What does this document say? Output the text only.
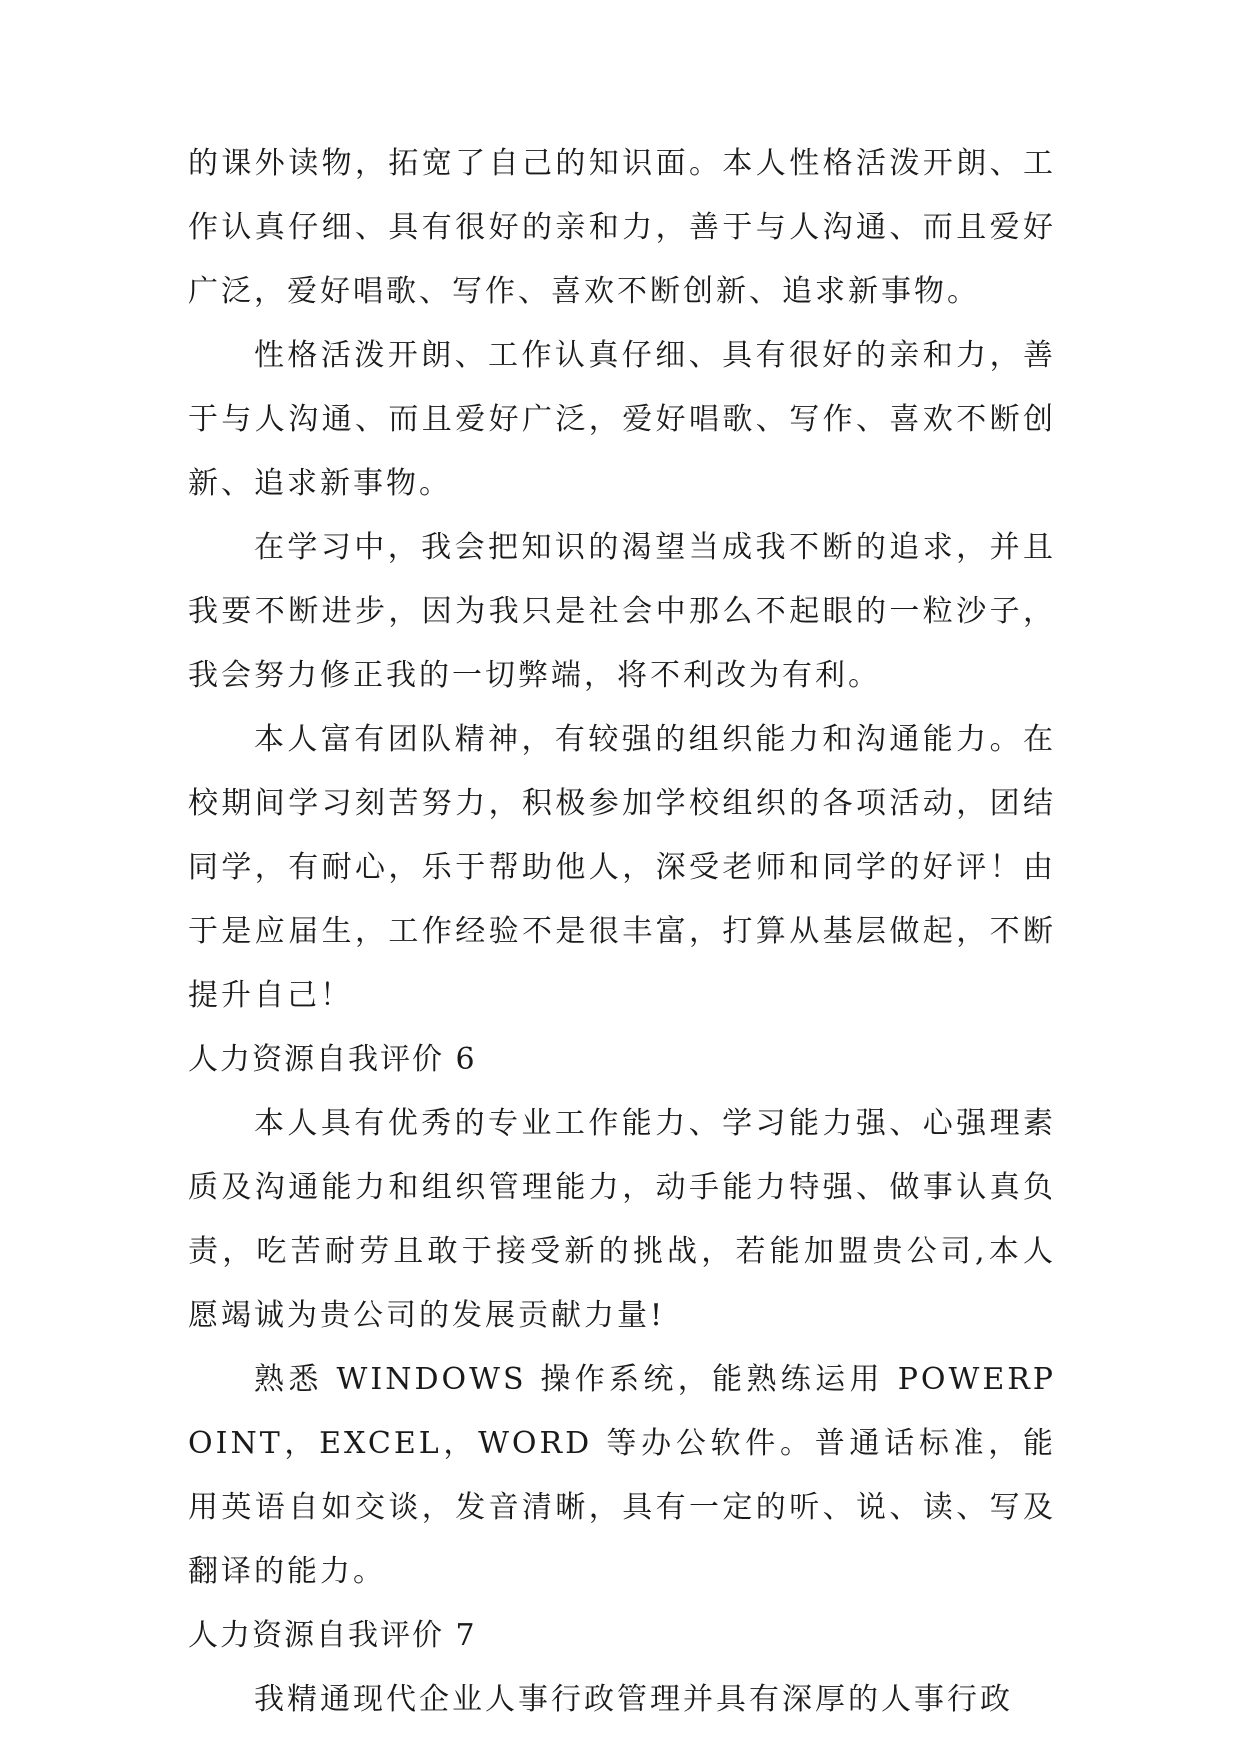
的课外读物，拓宽了自己的知识面。本人性格活泼开朗、工作认真仔细、具有很好的亲和力，善于与人沟通、而且爱好广泛，爱好唱歌、写作、喜欢不断创新、追求新事物。

性格活泼开朗、工作认真仔细、具有很好的亲和力，善于与人沟通、而且爱好广泛，爱好唱歌、写作、喜欢不断创新、追求新事物。

在学习中，我会把知识的渴望当成我不断的追求，并且我要不断进步，因为我只是社会中那么不起眼的一粒沙子，我会努力修正我的一切弊端，将不利改为有利。

本人富有团队精神，有较强的组织能力和沟通能力。在校期间学习刻苦努力，积极参加学校组织的各项活动，团结同学，有耐心，乐于帮助他人，深受老师和同学的好评！由于是应届生，工作经验不是很丰富，打算从基层做起，不断提升自己！

人力资源自我评价 6

本人具有优秀的专业工作能力、学习能力强、心强理素质及沟通能力和组织管理能力，动手能力特强、做事认真负责，吃苦耐劳且敢于接受新的挑战，若能加盟贵公司,本人愿竭诚为贵公司的发展贡献力量!

熟悉 WINDOWS 操作系统，能熟练运用 POWERPOINT，EXCEL，WORD 等办公软件。普通话标准，能用英语自如交谈，发音清晰，具有一定的听、说、读、写及翻译的能力。

人力资源自我评价 7

我精通现代企业人事行政管理并具有深厚的人事行政
